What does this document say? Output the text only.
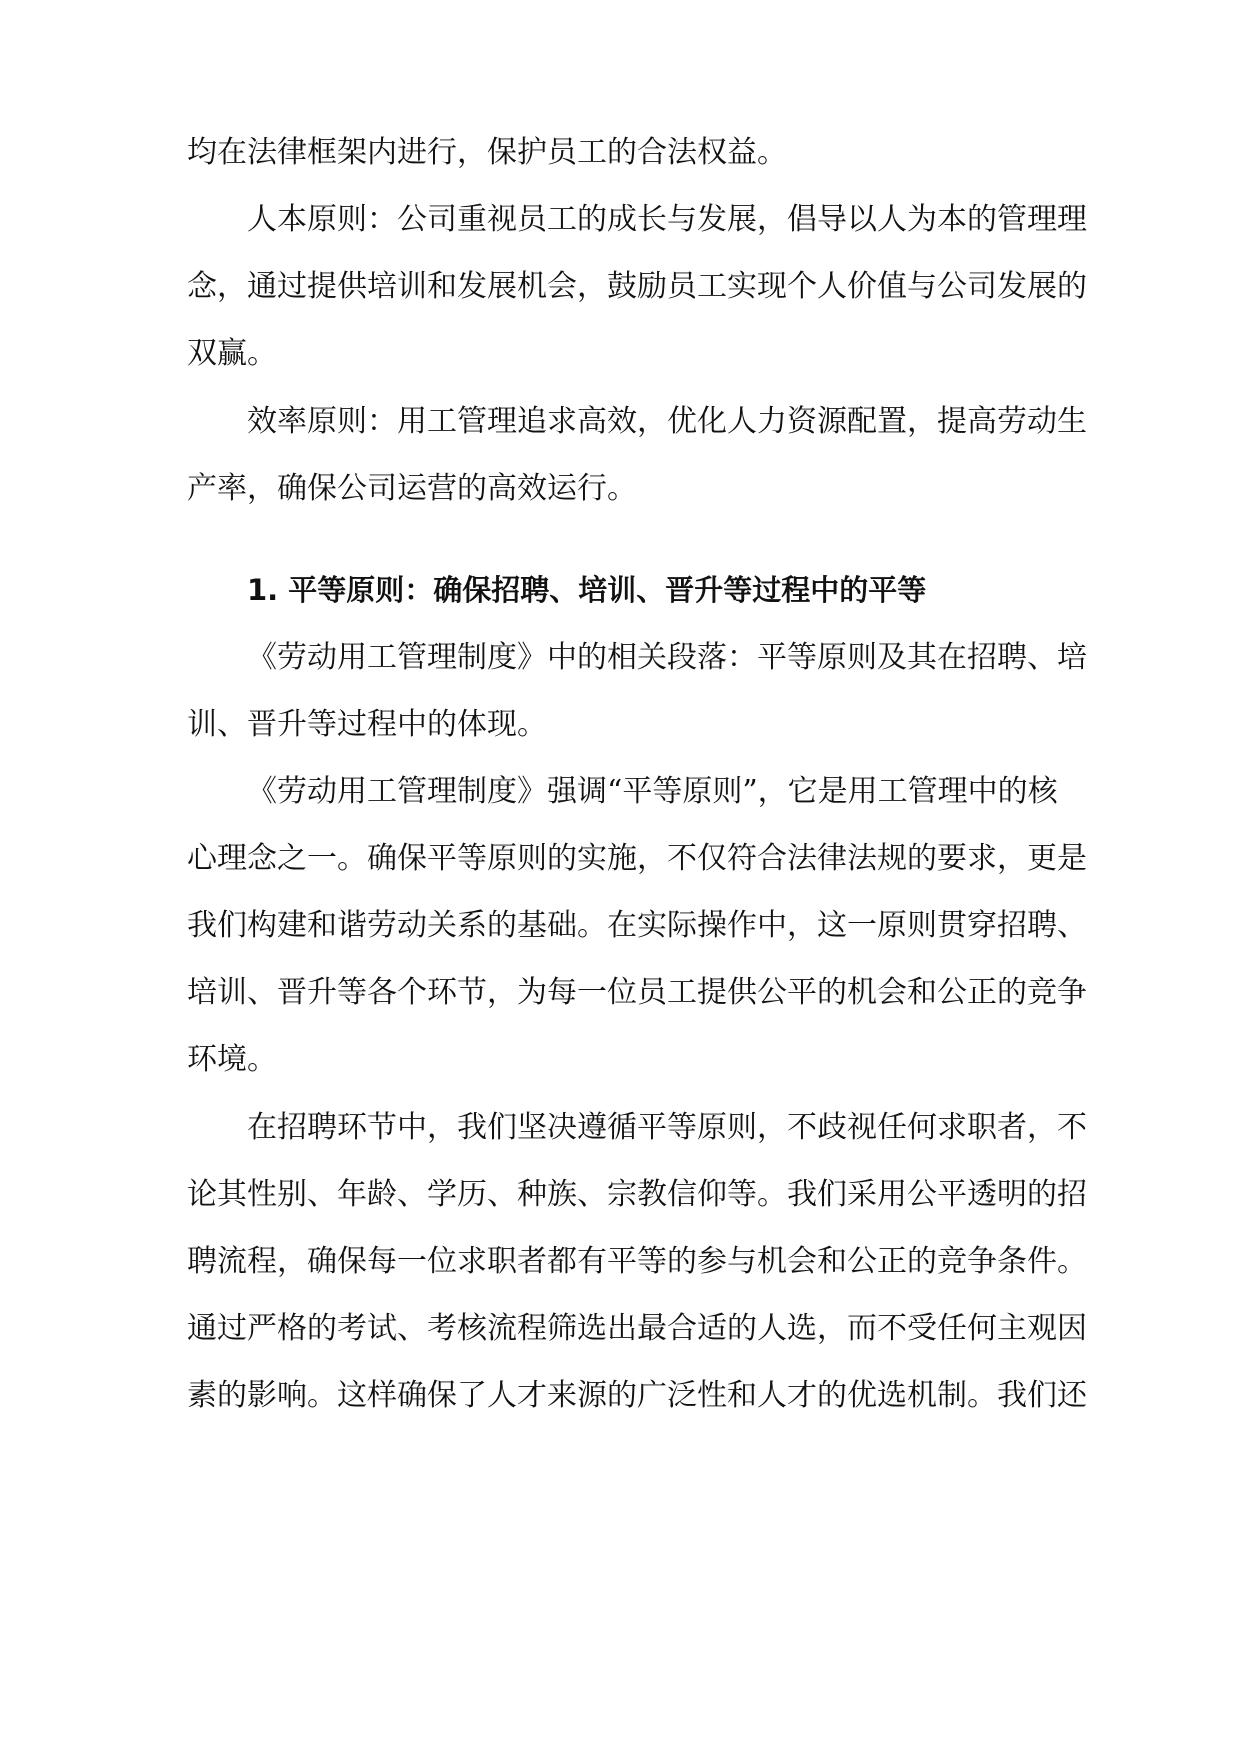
均在法律框架内进行，保护员工的合法权益。

人本原则：公司重视员工的成长与发展，倡导以人为本的管理理

念，通过提供培训和发展机会，鼓励员工实现个人价值与公司发展的

双赢。

效率原则：用工管理追求高效，优化人力资源配置，提高劳动生

产率，确保公司运营的高效运行。

1. 平等原则：确保招聘、培训、晋升等过程中的平等

《劳动用工管理制度》中的相关段落：平等原则及其在招聘、培

训、晋升等过程中的体现。

《劳动用工管理制度》强调“平等原则”，它是用工管理中的核

心理念之一。确保平等原则的实施，不仅符合法律法规的要求，更是

我们构建和谐劳动关系的基础。在实际操作中，这一原则贯穿招聘、

培训、晋升等各个环节，为每一位员工提供公平的机会和公正的竞争

环境。

在招聘环节中，我们坚决遵循平等原则，不歧视任何求职者，不

论其性别、年龄、学历、种族、宗教信仰等。我们采用公平透明的招

聘流程，确保每一位求职者都有平等的参与机会和公正的竞争条件。

通过严格的考试、考核流程筛选出最合适的人选，而不受任何主观因

素的影响。这样确保了人才来源的广泛性和人才的优选机制。我们还
